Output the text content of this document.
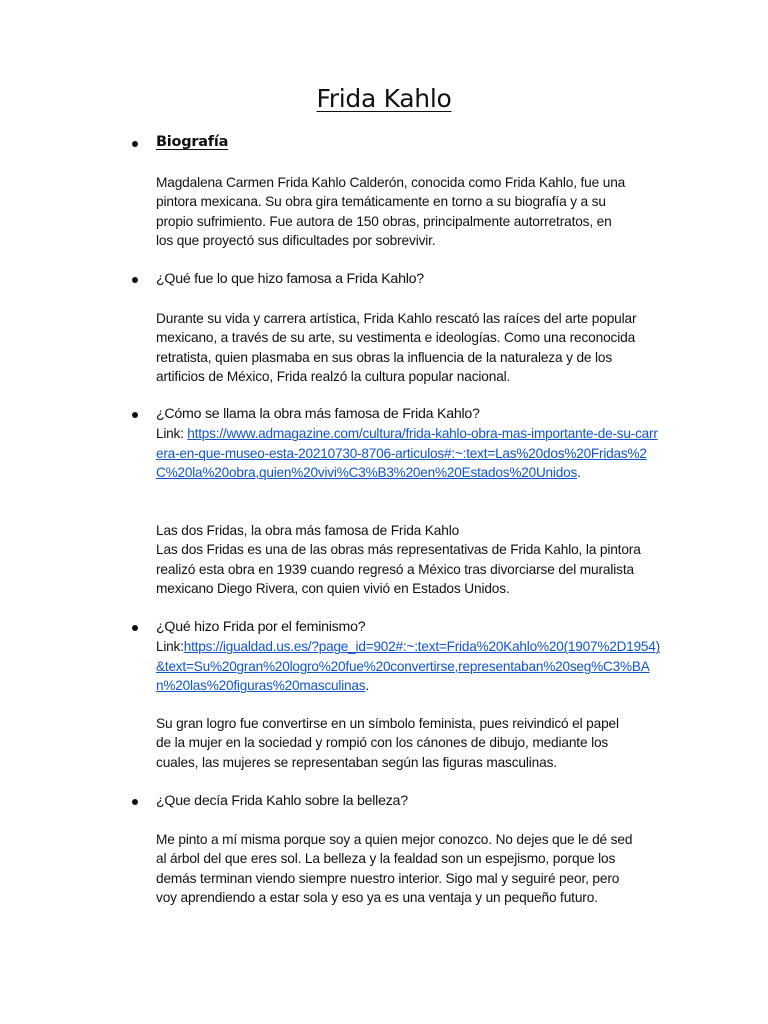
Frida Kahlo
Biografía
Magdalena Carmen Frida Kahlo Calderón, conocida como Frida Kahlo, fue una
pintora mexicana. Su obra gira temáticamente en torno a su biografía y a su
propio sufrimiento. Fue autora de 150 obras, principalmente autorretratos, en
los que proyectó sus dificultades por sobrevivir.
¿Qué fue lo que hizo famosa a Frida Kahlo?
Durante su vida y carrera artística, Frida Kahlo rescató las raíces del arte popular
mexicano, a través de su arte, su vestimenta e ideologías. Como una reconocida
retratista, quien plasmaba en sus obras la influencia de la naturaleza y de los
artificios de México, Frida realzó la cultura popular nacional.
¿Cómo se llama la obra más famosa de Frida Kahlo?
Link: https://www.admagazine.com/cultura/frida-kahlo-obra-mas-importante-de-su-carrera-en-que-museo-esta-20210730-8706-articulos#:~:text=Las%20dos%20Fridas%2C%20la%20obra,quien%20vivi%C3%B3%20en%20Estados%20Unidos.
Las dos Fridas, la obra más famosa de Frida Kahlo
Las dos Fridas es una de las obras más representativas de Frida Kahlo, la pintora
realizó esta obra en 1939 cuando regresó a México tras divorciarse del muralista
mexicano Diego Rivera, con quien vivió en Estados Unidos.
¿Qué hizo Frida por el feminismo?
Link:https://igualdad.us.es/?page_id=902#:~:text=Frida%20Kahlo%20(1907%2D1954)&text=Su%20gran%20logro%20fue%20convertirse,representaban%20seg%C3%BAn%20las%20figuras%20masculinas.
Su gran logro fue convertirse en un símbolo feminista, pues reivindicó el papel
de la mujer en la sociedad y rompió con los cánones de dibujo, mediante los
cuales, las mujeres se representaban según las figuras masculinas.
¿Que decía Frida Kahlo sobre la belleza?
Me pinto a mí misma porque soy a quien mejor conozco. No dejes que le dé sed
al árbol del que eres sol. La belleza y la fealdad son un espejismo, porque los
demás terminan viendo siempre nuestro interior. Sigo mal y seguiré peor, pero
voy aprendiendo a estar sola y eso ya es una ventaja y un pequeño futuro.
